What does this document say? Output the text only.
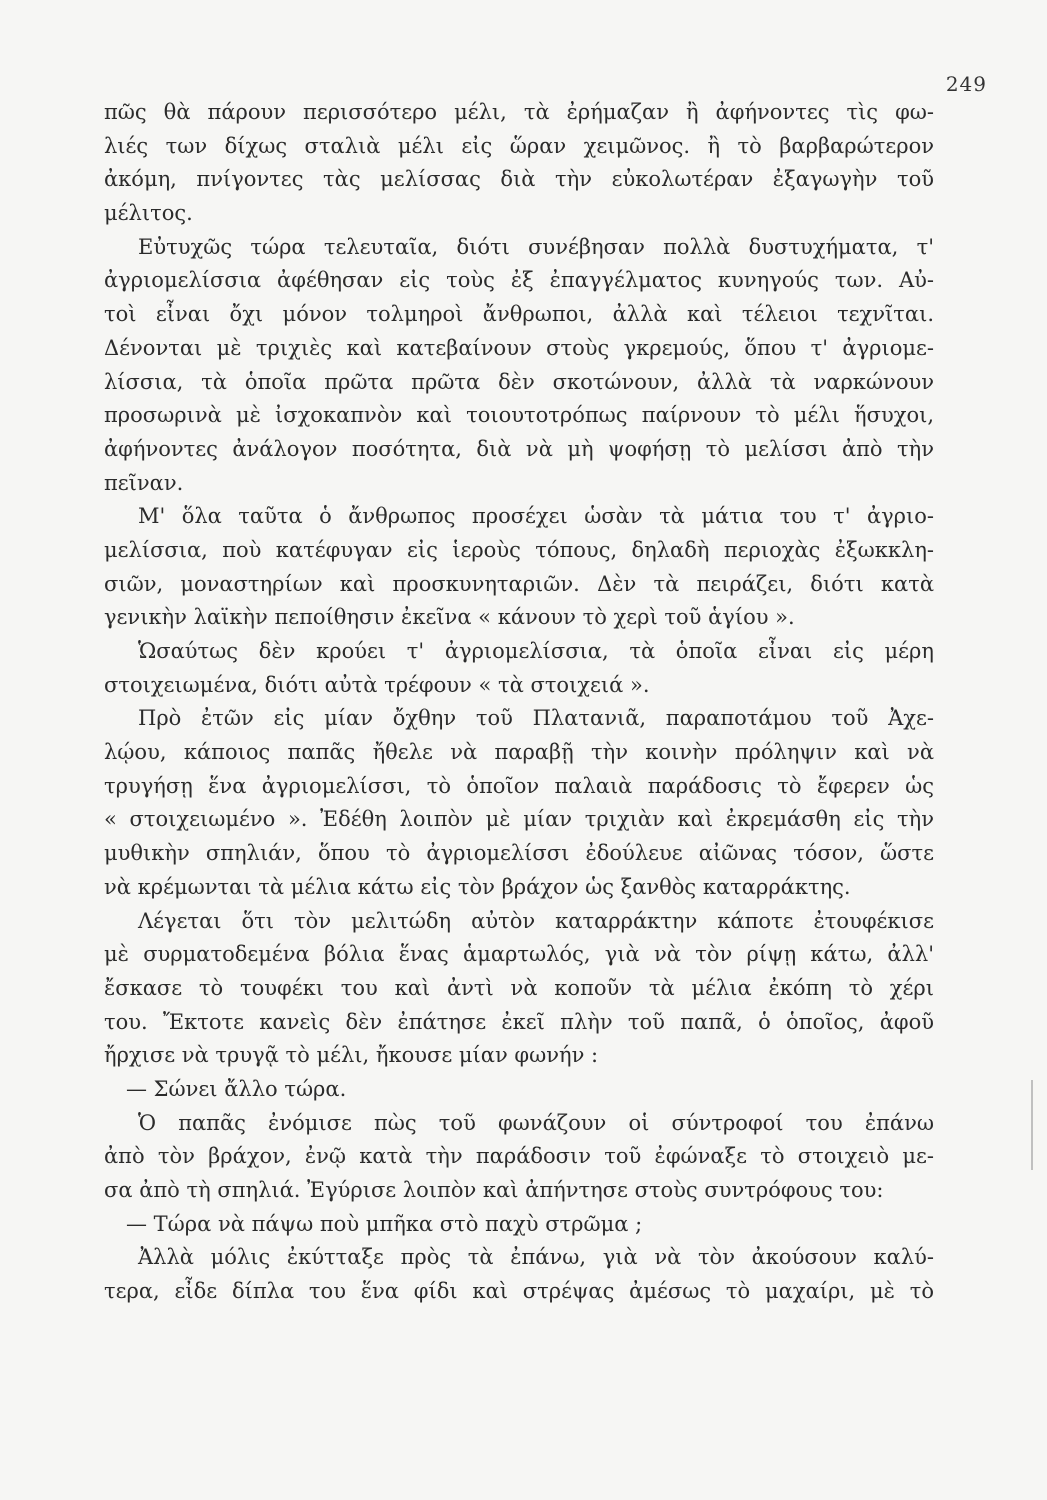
249
πῶς θὰ πάρουν περισσότερο μέλι, τὰ ἐρήμαζαν ἢ ἀφήνοντες τὶς φω-
λιές των δίχως σταλιὰ μέλι εἰς ὥραν χειμῶνος. ἢ τὸ βαρβαρώτερον
ἀκόμη, πνίγοντες τὰς μελίσσας διὰ τὴν εὐκολωτέραν ἐξαγωγὴν τοῦ
μέλιτος.
Εὐτυχῶς τώρα τελευταῖα, διότι συνέβησαν πολλὰ δυστυχήματα, τ'
ἀγριομελίσσια ἀφέθησαν εἰς τοὺς ἐξ ἐπαγγέλματος κυνηγούς των. Αὐ-
τοὶ εἶναι ὄχι μόνον τολμηροὶ ἄνθρωποι, ἀλλὰ καὶ τέλειοι τεχνῖται.
Δένονται μὲ τριχιὲς καὶ κατεβαίνουν στοὺς γκρεμούς, ὅπου τ' ἀγριομε-
λίσσια, τὰ ὁποῖα πρῶτα πρῶτα δὲν σκοτώνουν, ἀλλὰ τὰ ναρκώνουν
προσωρινὰ μὲ ἰσχοκαπνὸν καὶ τοιουτοτρόπως παίρνουν τὸ μέλι ἥσυχοι,
ἀφήνοντες ἀνάλογον ποσότητα, διὰ νὰ μὴ ψοφήσῃ τὸ μελίσσι ἀπὸ τὴν
πεῖναν.
Μ' ὅλα ταῦτα ὁ ἄνθρωπος προσέχει ὡσὰν τὰ μάτια του τ' ἀγριο-
μελίσσια, ποὺ κατέφυγαν εἰς ἱεροὺς τόπους, δηλαδὴ περιοχὰς ἐξωκκλη-
σιῶν, μοναστηρίων καὶ προσκυνηταριῶν. Δὲν τὰ πειράζει, διότι κατὰ
γενικὴν λαϊκὴν πεποίθησιν ἐκεῖνα « κάνουν τὸ χερὶ τοῦ ἁγίου ».
Ὡσαύτως δὲν κρούει τ' ἀγριομελίσσια, τὰ ὁποῖα εἶναι εἰς μέρη
στοιχειωμένα, διότι αὐτὰ τρέφουν « τὰ στοιχειά ».
Πρὸ ἐτῶν εἰς μίαν ὄχθην τοῦ Πλατανιᾶ, παραποτάμου τοῦ Ἀχε-
λῴου, κάποιος παπᾶς ἤθελε νὰ παραβῇ τὴν κοινὴν πρόληψιν καὶ νὰ
τρυγήσῃ ἕνα ἀγριομελίσσι, τὸ ὁποῖον παλαιὰ παράδοσις τὸ ἔφερεν ὡς
« στοιχειωμένο ». Ἐδέθη λοιπὸν μὲ μίαν τριχιὰν καὶ ἐκρεμάσθη εἰς τὴν
μυθικὴν σπηλιάν, ὅπου τὸ ἀγριομελίσσι ἐδούλευε αἰῶνας τόσον, ὥστε
νὰ κρέμωνται τὰ μέλια κάτω εἰς τὸν βράχον ὡς ξανθὸς καταρράκτης.
Λέγεται ὅτι τὸν μελιτώδη αὐτὸν καταρράκτην κάποτε ἐτουφέκισε
μὲ συρματοδεμένα βόλια ἕνας ἁμαρτωλός, γιὰ νὰ τὸν ρίψῃ κάτω, ἀλλ'
ἔσκασε τὸ τουφέκι του καὶ ἀντὶ νὰ κοποῦν τὰ μέλια ἐκόπη τὸ χέρι
του. Ἔκτοτε κανεὶς δὲν ἐπάτησε ἐκεῖ πλὴν τοῦ παπᾶ, ὁ ὁποῖος, ἀφοῦ
ἤρχισε νὰ τρυγᾷ τὸ μέλι, ἤκουσε μίαν φωνήν :
— Σώνει ἄλλο τώρα.
Ὁ παπᾶς ἐνόμισε πὼς τοῦ φωνάζουν οἱ σύντροφοί του ἐπάνω
ἀπὸ τὸν βράχον, ἐνῷ κατὰ τὴν παράδοσιν τοῦ ἐφώναξε τὸ στοιχειὸ με-
σα ἀπὸ τὴ σπηλιά. Ἐγύρισε λοιπὸν καὶ ἀπήντησε στοὺς συντρόφους του:
— Τώρα νὰ πάψω ποὺ μπῆκα στὸ παχὺ στρῶμα ;
Ἀλλὰ μόλις ἐκύτταξε πρὸς τὰ ἐπάνω, γιὰ νὰ τὸν ἀκούσουν καλύ-
τερα, εἶδε δίπλα του ἕνα φίδι καὶ στρέψας ἀμέσως τὸ μαχαίρι, μὲ τὸ
